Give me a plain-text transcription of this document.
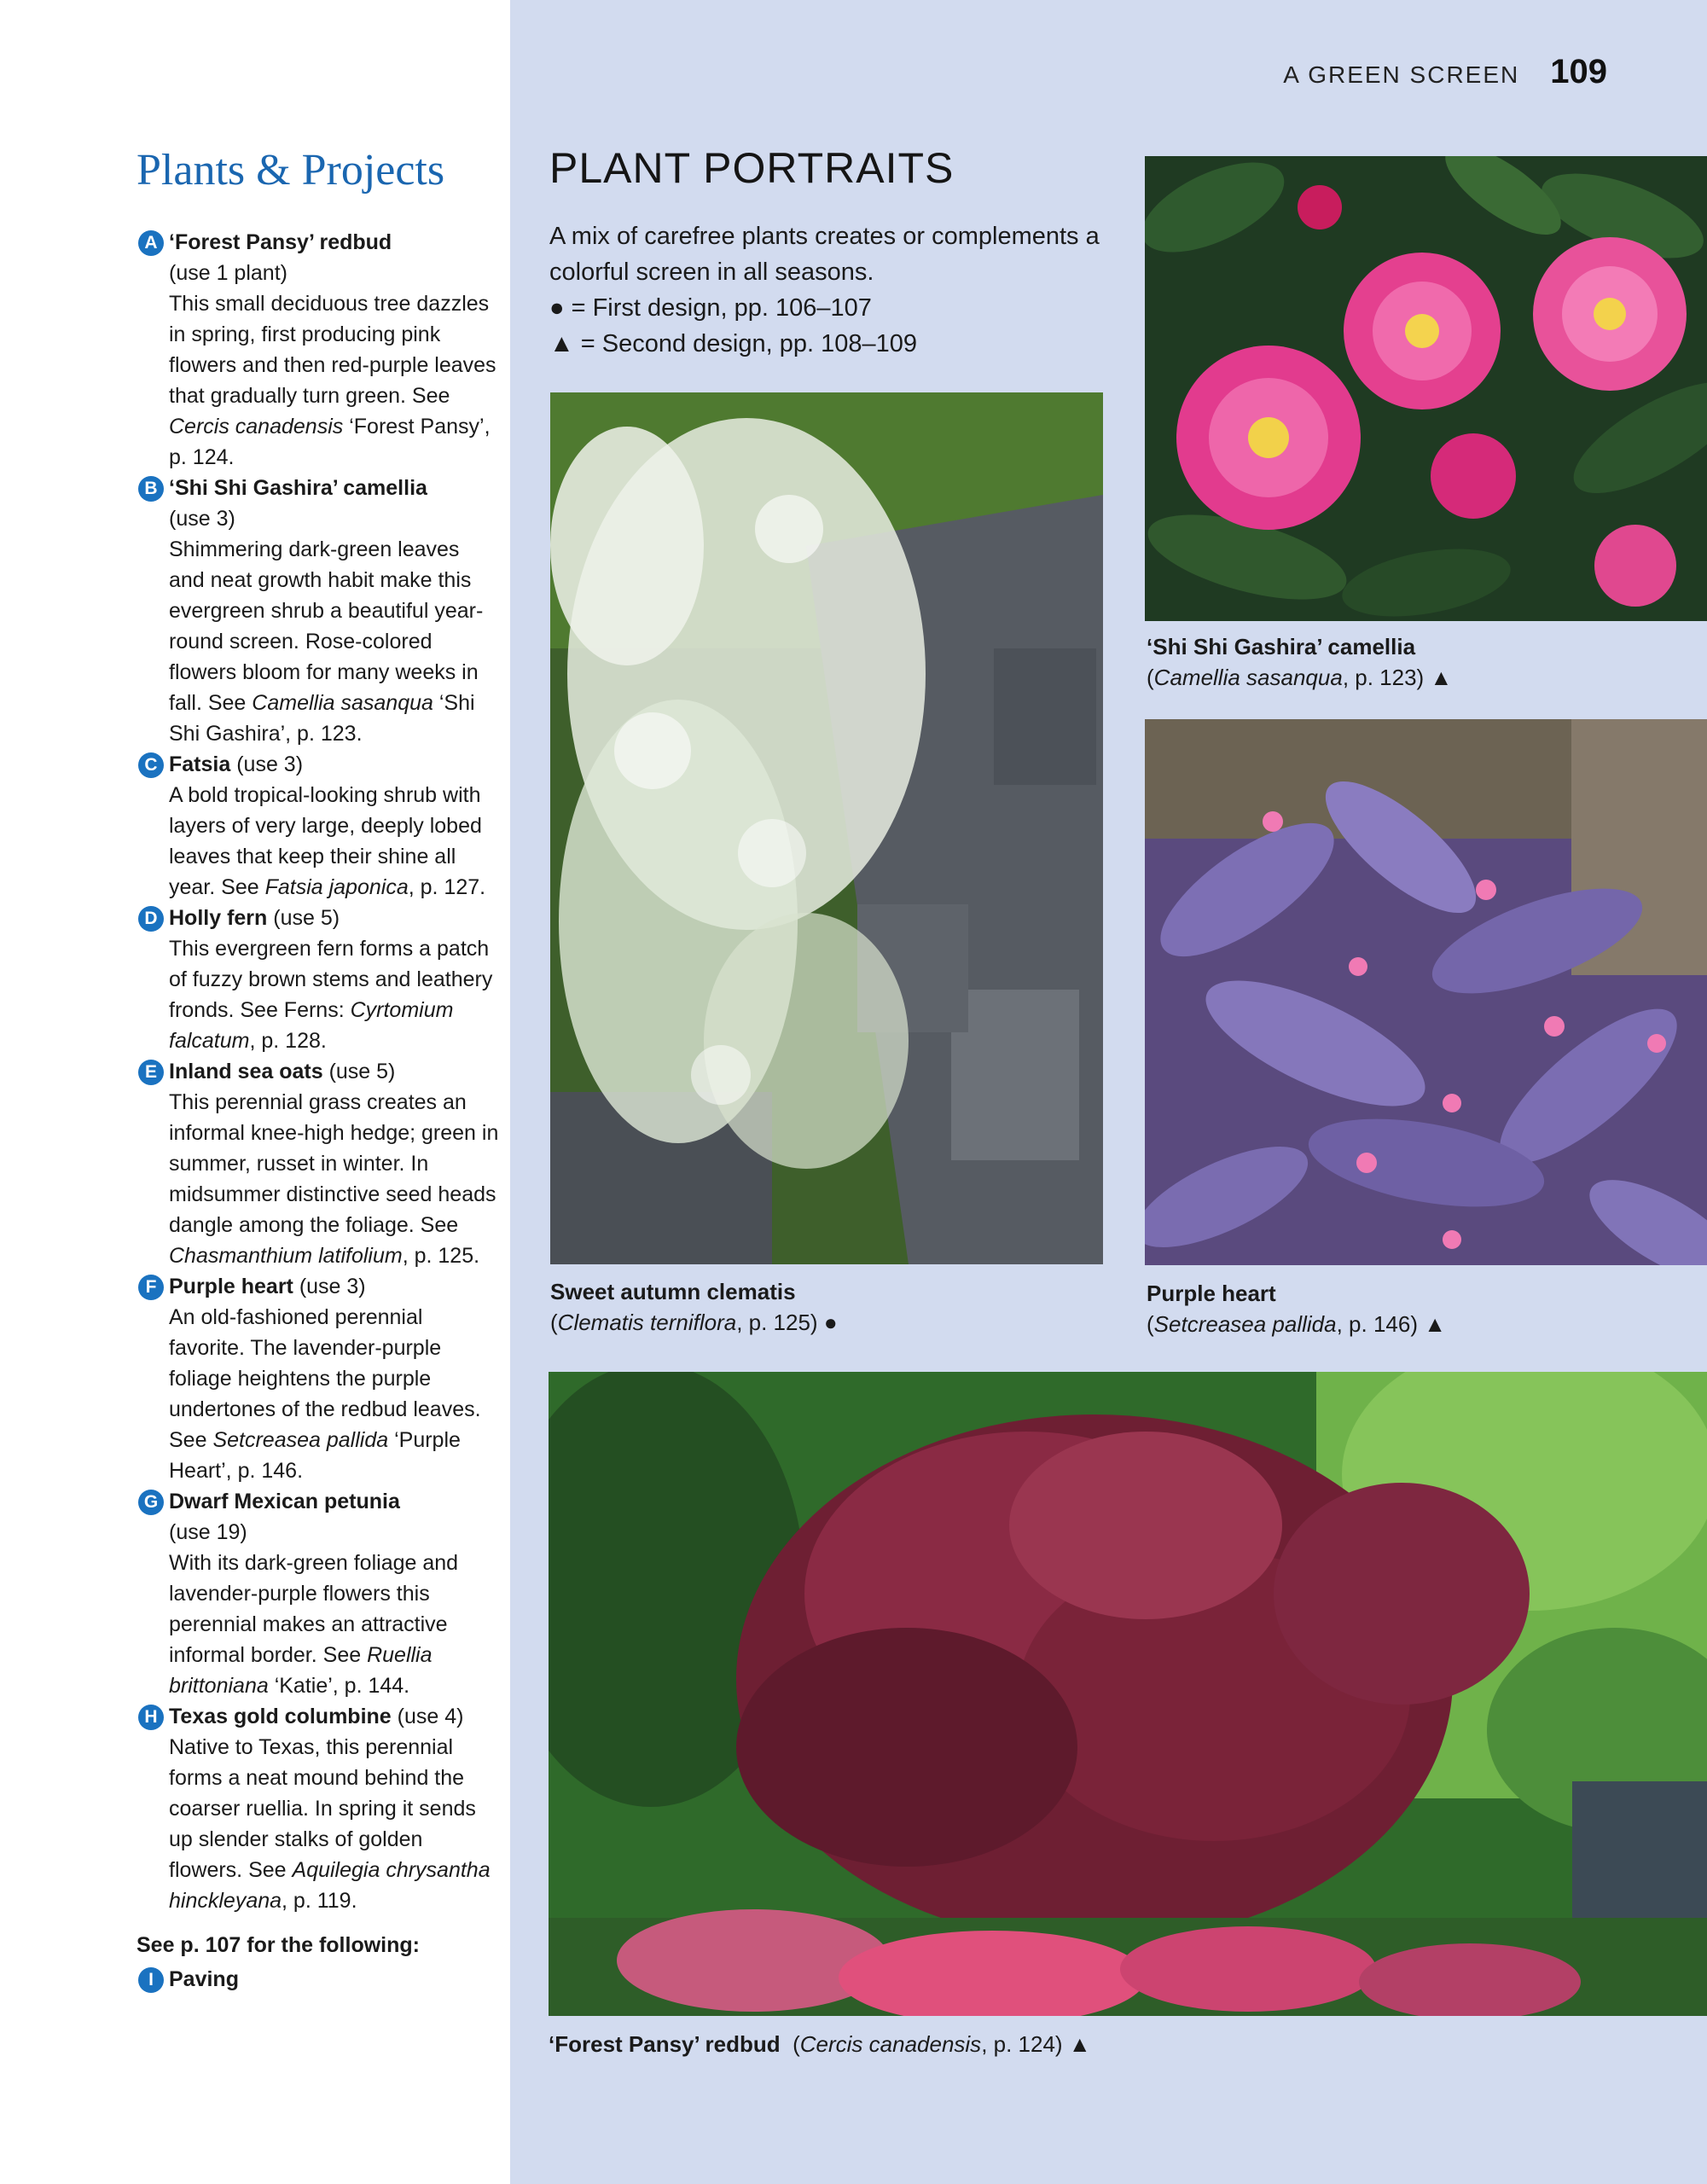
Plants & Projects

A ‘Forest Pansy’ redbud
(use 1 plant)
This small deciduous tree dazzles in spring, first producing pink flowers and then red-purple leaves that gradually turn green. See Cercis canadensis ‘Forest Pansy’, p. 124.

B ‘Shi Shi Gashira’ camellia
(use 3)
Shimmering dark-green leaves and neat growth habit make this evergreen shrub a beautiful year-round screen. Rose-colored flowers bloom for many weeks in fall. See Camellia sasanqua ‘Shi Shi Gashira’, p. 123.

C Fatsia (use 3)
A bold tropical-looking shrub with layers of very large, deeply lobed leaves that keep their shine all year. See Fatsia japonica, p. 127.

D Holly fern (use 5)
This evergreen fern forms a patch of fuzzy brown stems and leathery fronds. See Ferns: Cyrtomium falcatum, p. 128.

E Inland sea oats (use 5)
This perennial grass creates an informal knee-high hedge; green in summer, russet in winter. In midsummer distinctive seed heads dangle among the foliage. See Chasmanthium latifolium, p. 125.

F Purple heart (use 3)
An old-fashioned perennial favorite. The lavender-purple foliage heightens the purple undertones of the redbud leaves. See Setcreasea pallida ‘Purple Heart’, p. 146.

G Dwarf Mexican petunia
(use 19)
With its dark-green foliage and lavender-purple flowers this perennial makes an attractive informal border. See Ruellia brittoniana ‘Katie’, p. 144.

H Texas gold columbine (use 4)
Native to Texas, this perennial forms a neat mound behind the coarser ruellia. In spring it sends up slender stalks of golden flowers. See Aquilegia chrysantha hinckleyana, p. 119.

See p. 107 for the following:

I Paving

A GREEN SCREEN 109
PLANT PORTRAITS
A mix of carefree plants creates or complements a colorful screen in all seasons.
● = First design, pp. 106–107
▲ = Second design, pp. 108–109
‘Shi Shi Gashira’ camellia
(Camellia sasanqua, p. 123) ▲
Sweet autumn clematis
(Clematis terniflora, p. 125) ●
Purple heart
(Setcreasea pallida, p. 146) ▲
‘Forest Pansy’ redbud  (Cercis canadensis, p. 124) ▲
